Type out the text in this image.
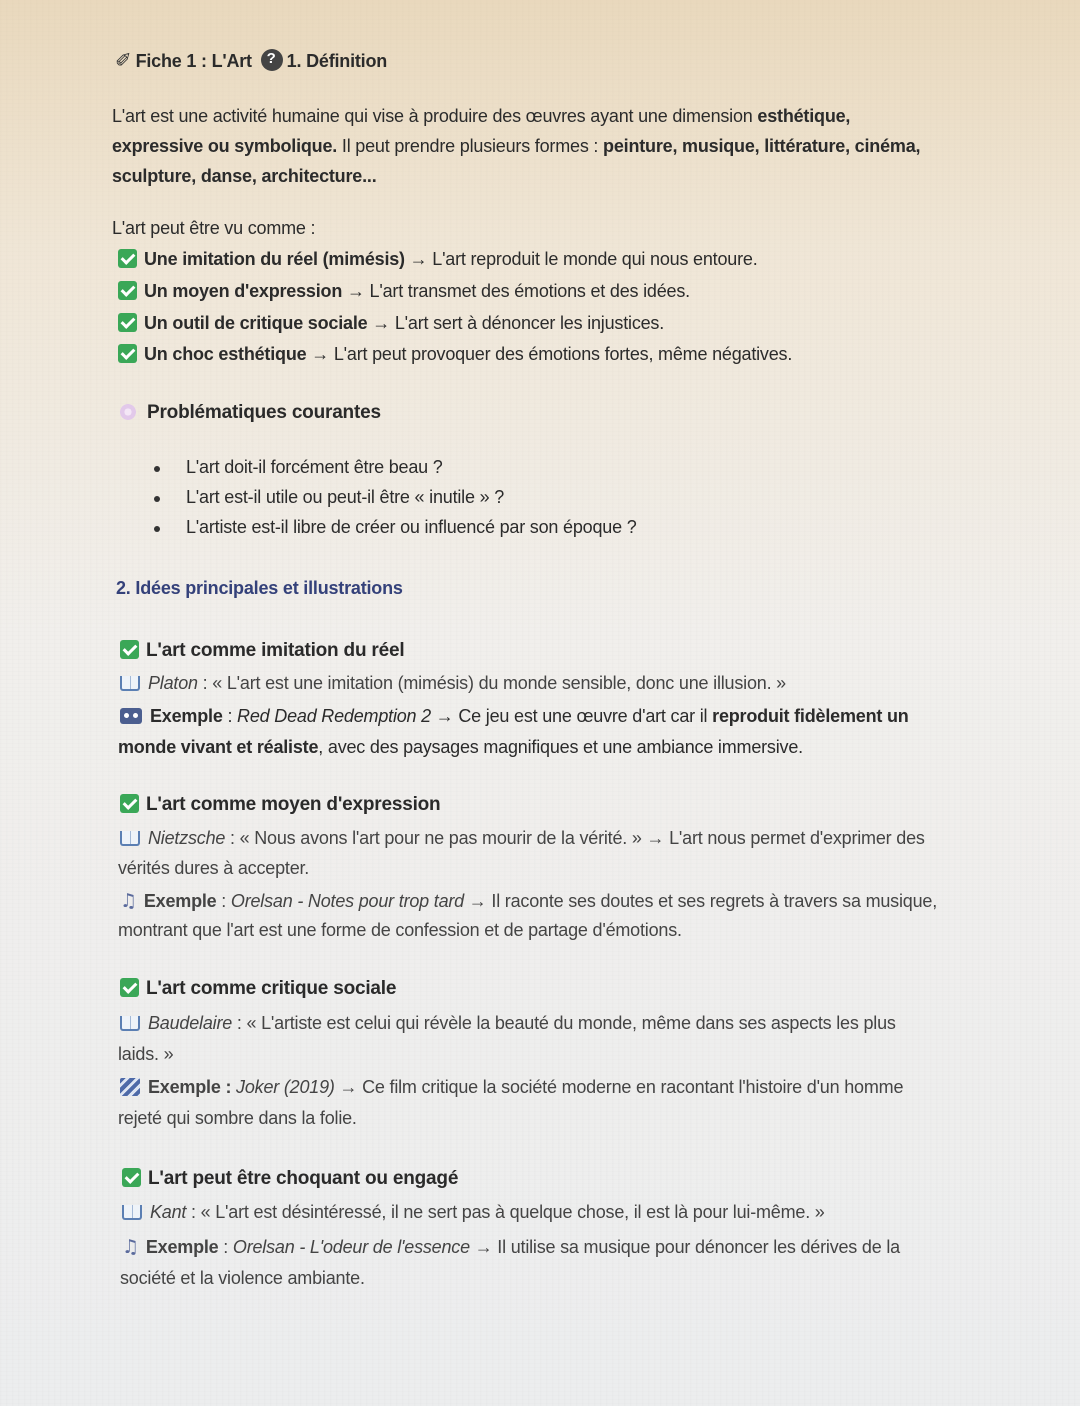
✐ Fiche 1 : L'Art ? 1. Définition
L'art est une activité humaine qui vise à produire des œuvres ayant une dimension esthétique,
expressive ou symbolique. Il peut prendre plusieurs formes : peinture, musique, littérature, cinéma,
sculpture, danse, architecture...
L'art peut être vu comme :
Une imitation du réel (mimésis) → L'art reproduit le monde qui nous entoure.
Un moyen d'expression → L'art transmet des émotions et des idées.
Un outil de critique sociale → L'art sert à dénoncer les injustices.
Un choc esthétique → L'art peut provoquer des émotions fortes, même négatives.
Problématiques courantes
L'art doit-il forcément être beau ?
L'art est-il utile ou peut-il être « inutile » ?
L'artiste est-il libre de créer ou influencé par son époque ?
2. Idées principales et illustrations
L'art comme imitation du réel
Platon : « L'art est une imitation (mimésis) du monde sensible, donc une illusion. »
Exemple : Red Dead Redemption 2 → Ce jeu est une œuvre d'art car il reproduit fidèlement un
monde vivant et réaliste, avec des paysages magnifiques et une ambiance immersive.
L'art comme moyen d'expression
Nietzsche : « Nous avons l'art pour ne pas mourir de la vérité. » → L'art nous permet d'exprimer des
vérités dures à accepter.
♫ Exemple : Orelsan - Notes pour trop tard → Il raconte ses doutes et ses regrets à travers sa musique,
montrant que l'art est une forme de confession et de partage d'émotions.
L'art comme critique sociale
Baudelaire : « L'artiste est celui qui révèle la beauté du monde, même dans ses aspects les plus
laids. »
Exemple : Joker (2019) → Ce film critique la société moderne en racontant l'histoire d'un homme
rejeté qui sombre dans la folie.
L'art peut être choquant ou engagé
Kant : « L'art est désintéressé, il ne sert pas à quelque chose, il est là pour lui-même. »
♫ Exemple : Orelsan - L'odeur de l'essence → Il utilise sa musique pour dénoncer les dérives de la
société et la violence ambiante.
